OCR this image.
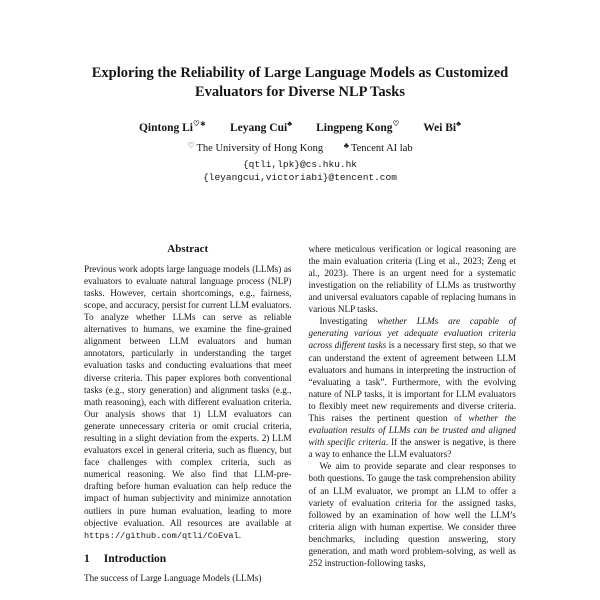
Exploring the Reliability of Large Language Models as Customized Evaluators for Diverse NLP Tasks
Qintong Li♡∗ Leyang Cui♣ Lingpeng Kong♡ Wei Bi♣
♡ The University of Hong Kong	♣ Tencent AI lab
{qtli,lpk}@cs.hku.hk
{leyangcui,victoriabi}@tencent.com
Abstract

Previous work adopts large language models (LLMs) as evaluators to evaluate natural language process (NLP) tasks. However, certain shortcomings, e.g., fairness, scope, and accuracy, persist for current LLM evaluators. To analyze whether LLMs can serve as reliable alternatives to humans, we examine the fine-grained alignment between LLM evaluators and human annotators, particularly in understanding the target evaluation tasks and conducting evaluations that meet diverse criteria. This paper explores both conventional tasks (e.g., story generation) and alignment tasks (e.g., math reasoning), each with different evaluation criteria. Our analysis shows that 1) LLM evaluators can generate unnecessary criteria or omit crucial criteria, resulting in a slight deviation from the experts. 2) LLM evaluators excel in general criteria, such as fluency, but face challenges with complex criteria, such as numerical reasoning. We also find that LLM-pre-drafting before human evaluation can help reduce the impact of human subjectivity and minimize annotation outliers in pure human evaluation, leading to more objective evaluation. All resources are available at https://github.com/qtli/CoEval.

1 Introduction

The success of Large Language Models (LLMs)

where meticulous verification or logical reasoning are the main evaluation criteria (Ling et al., 2023; Zeng et al., 2023). There is an urgent need for a systematic investigation on the reliability of LLMs as trustworthy and universal evaluators capable of replacing humans in various NLP tasks.

Investigating whether LLMs are capable of generating various yet adequate evaluation criteria across different tasks is a necessary first step, so that we can understand the extent of agreement between LLM evaluators and humans in interpreting the instruction of “evaluating a task”. Furthermore, with the evolving nature of NLP tasks, it is important for LLM evaluators to flexibly meet new requirements and diverse criteria. This raises the pertinent question of whether the evaluation results of LLMs can be trusted and aligned with specific criteria. If the answer is negative, is there a way to enhance the LLM evaluators?

We aim to provide separate and clear responses to both questions. To gauge the task comprehension ability of an LLM evaluator, we prompt an LLM to offer a variety of evaluation criteria for the assigned tasks, followed by an examination of how well the LLM’s criteria align with human expertise. We consider three benchmarks, including question answering, story generation, and math word problem-solving, as well as 252 instruction-following tasks,
